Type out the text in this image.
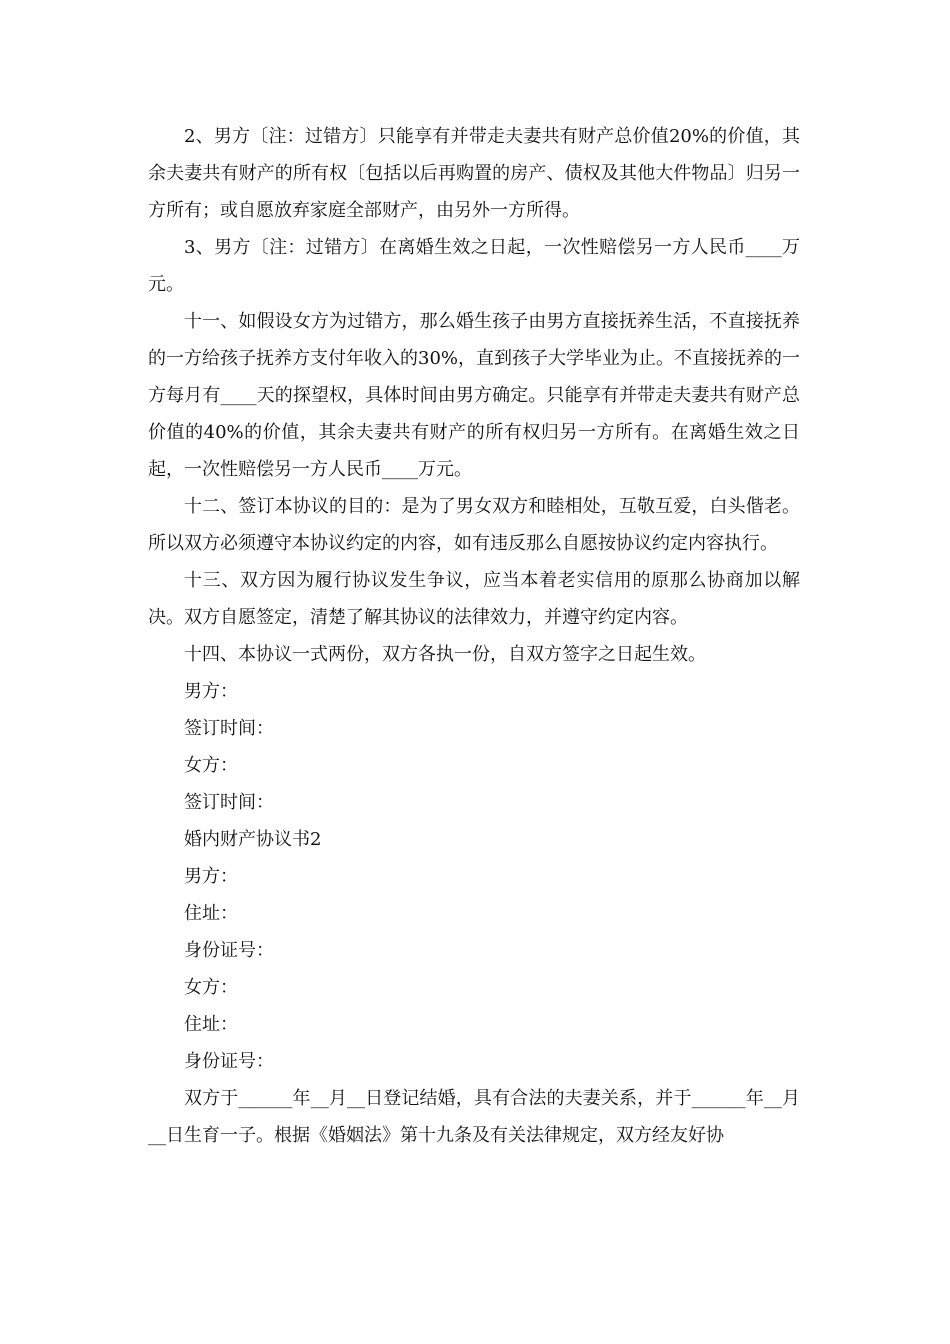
2、男方〔注：过错方〕只能享有并带走夫妻共有财产总价值20%的价值，其余夫妻共有财产的所有权〔包括以后再购置的房产、债权及其他大件物品〕归另一方所有；或自愿放弃家庭全部财产，由另外一方所得。

3、男方〔注：过错方〕在离婚生效之日起，一次性赔偿另一方人民币____万元。

十一、如假设女方为过错方，那么婚生孩子由男方直接抚养生活，不直接抚养的一方给孩子抚养方支付年收入的30%，直到孩子大学毕业为止。不直接抚养的一方每月有____天的探望权，具体时间由男方确定。只能享有并带走夫妻共有财产总价值的40%的价值，其余夫妻共有财产的所有权归另一方所有。在离婚生效之日起，一次性赔偿另一方人民币____万元。

十二、签订本协议的目的：是为了男女双方和睦相处，互敬互爱，白头偕老。所以双方必须遵守本协议约定的内容，如有违反那么自愿按协议约定内容执行。

十三、双方因为履行协议发生争议，应当本着老实信用的原那么协商加以解决。双方自愿签定，清楚了解其协议的法律效力，并遵守约定内容。

十四、本协议一式两份，双方各执一份，自双方签字之日起生效。

男方：

签订时间：

女方：

签订时间：

婚内财产协议书2

男方：

住址：

身份证号：

女方：

住址：

身份证号：

双方于______年__月__日登记结婚，具有合法的夫妻关系，并于______年__月__日生育一子。根据《婚姻法》第十九条及有关法律规定，双方经友好协
